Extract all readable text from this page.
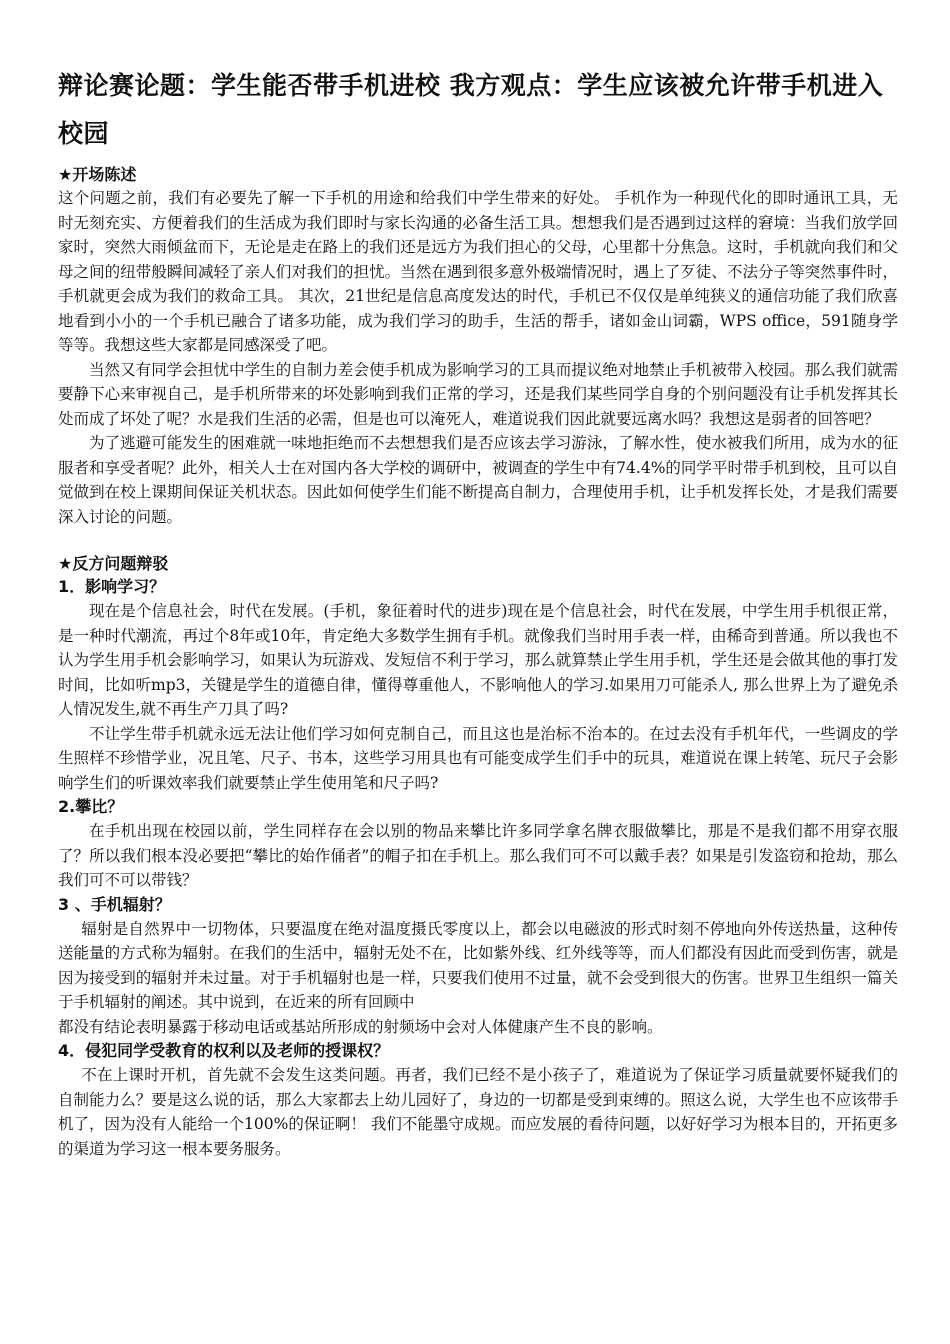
辩论赛论题：学生能否带手机进校 我方观点：学生应该被允许带手机进入校园

★开场陈述

这个问题之前，我们有必要先了解一下手机的用途和给我们中学生带来的好处。 手机作为一种现代化的即时通讯工具，无时无刻充实、方便着我们的生活成为我们即时与家长沟通的必备生活工具。想想我们是否遇到过这样的窘境：当我们放学回家时，突然大雨倾盆而下，无论是走在路上的我们还是远方为我们担心的父母，心里都十分焦急。这时，手机就向我们和父母之间的纽带般瞬间减轻了亲人们对我们的担忧。当然在遇到很多意外极端情况时，遇上了歹徒、不法分子等突然事件时，手机就更会成为我们的救命工具。 其次，21世纪是信息高度发达的时代，手机已不仅仅是单纯狭义的通信功能了我们欣喜地看到小小的一个手机已融合了诸多功能，成为我们学习的助手，生活的帮手，诸如金山词霸，WPS office，591随身学等等。我想这些大家都是同感深受了吧。

当然又有同学会担忧中学生的自制力差会使手机成为影响学习的工具而提议绝对地禁止手机被带入校园。那么我们就需要静下心来审视自己，是手机所带来的坏处影响到我们正常的学习，还是我们某些同学自身的个别问题没有让手机发挥其长处而成了坏处了呢？水是我们生活的必需，但是也可以淹死人，难道说我们因此就要远离水吗？我想这是弱者的回答吧？

为了逃避可能发生的困难就一味地拒绝而不去想想我们是否应该去学习游泳，了解水性，使水被我们所用，成为水的征服者和享受者呢？此外，相关人士在对国内各大学校的调研中，被调查的学生中有74.4%的同学平时带手机到校，且可以自觉做到在校上课期间保证关机状态。因此如何使学生们能不断提高自制力，合理使用手机，让手机发挥长处，才是我们需要深入讨论的问题。

★反方问题辩驳

1．影响学习？

现在是个信息社会，时代在发展。(手机，象征着时代的进步)现在是个信息社会，时代在发展，中学生用手机很正常，是一种时代潮流，再过个8年或10年，肯定绝大多数学生拥有手机。就像我们当时用手表一样，由稀奇到普通。所以我也不认为学生用手机会影响学习，如果认为玩游戏、发短信不利于学习，那么就算禁止学生用手机，学生还是会做其他的事打发时间，比如听mp3，关键是学生的道德自律，懂得尊重他人，不影响他人的学习.如果用刀可能杀人, 那么世界上为了避免杀人情况发生,就不再生产刀具了吗?

不让学生带手机就永远无法让他们学习如何克制自己，而且这也是治标不治本的。在过去没有手机年代，一些调皮的学生照样不珍惜学业，况且笔、尺子、书本，这些学习用具也有可能变成学生们手中的玩具，难道说在课上转笔、玩尺子会影响学生们的听课效率我们就要禁止学生使用笔和尺子吗?

2.攀比？

在手机出现在校园以前，学生同样存在会以别的物品来攀比许多同学拿名牌衣服做攀比，那是不是我们都不用穿衣服了？所以我们根本没必要把“攀比的始作俑者”的帽子扣在手机上。那么我们可不可以戴手表？如果是引发盗窃和抢劫，那么我们可不可以带钱？

3 、手机辐射？

辐射是自然界中一切物体，只要温度在绝对温度摄氏零度以上，都会以电磁波的形式时刻不停地向外传送热量，这种传送能量的方式称为辐射。在我们的生活中，辐射无处不在，比如紫外线、红外线等等，而人们都没有因此而受到伤害，就是因为接受到的辐射并未过量。对于手机辐射也是一样，只要我们使用不过量，就不会受到很大的伤害。世界卫生组织一篇关于手机辐射的阐述。其中说到，在近来的所有回顾中

都没有结论表明暴露于移动电话或基站所形成的射频场中会对人体健康产生不良的影响。

4．侵犯同学受教育的权利以及老师的授课权？

不在上课时开机，首先就不会发生这类问题。再者，我们已经不是小孩子了，难道说为了保证学习质量就要怀疑我们的自制能力么？要是这么说的话，那么大家都去上幼儿园好了，身边的一切都是受到束缚的。照这么说，大学生也不应该带手机了，因为没有人能给一个100%的保证啊！ 我们不能墨守成规。而应发展的看待问题，以好好学习为根本目的，开拓更多的渠道为学习这一根本要务服务。
